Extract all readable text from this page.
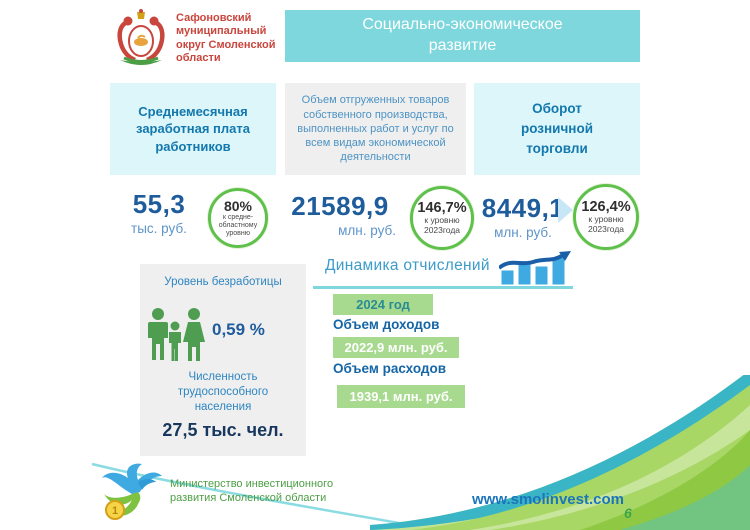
Сафоновский муниципальный округ Смоленской области
Социально-экономическое развитие
Среднемесячная заработная плата работников
Объем отгруженных товаров собственного производства, выполненных работ и услуг по всем видам экономической деятельности
Оборот розничной торговли
55,3
тыс. руб.
80%
к средне-областному уровню
21589,9
млн. руб.
146,7%
к уровню 2023года
8449,1
млн. руб.
126,4%
к уровню 2023года
Уровень безработицы
0,59 %
Численность трудоспособного населения
27,5 тыс. чел.
Динамика отчислений
2024 год
Объем доходов
2022,9 млн. руб.
Объем расходов
1939,1 млн. руб.
1
Министерство инвестиционного развития Смоленской области	www.smolinvest.com
6
